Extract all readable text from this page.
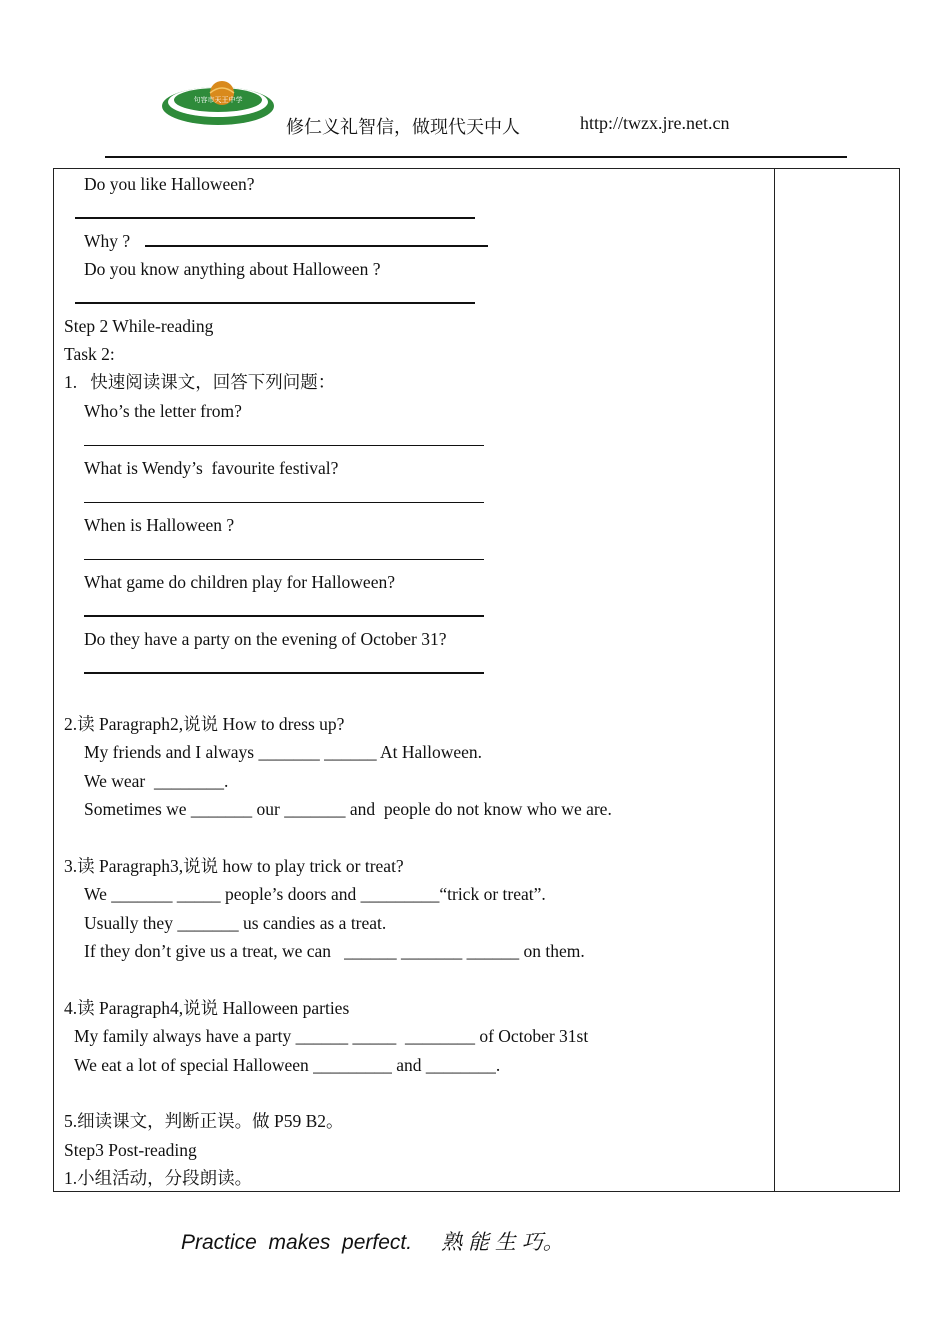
句容市天王中学
修仁义礼智信，做现代天中人	http://twzx.jre.net.cn
Do you like Halloween?
Why ?
Do you know anything about Halloween ?
Step 2 While-reading
Task 2:
1.   快速阅读课文，回答下列问题：
Who’s the letter from?
What is Wendy’s  favourite festival?
When is Halloween ?
What game do children play for Halloween?
Do they have a party on the evening of October 31?
2.读 Paragraph2,说说 How to dress up?
My friends and I always _______ ______ At Halloween.
We wear  ________.
Sometimes we _______ our _______ and  people do not know who we are.
3.读 Paragraph3,说说 how to play trick or treat?
We _______ _____ people’s doors and _________“trick or treat”.
Usually they _______ us candies as a treat.
If they don’t give us a treat, we can   ______ _______ ______ on them.
4.读 Paragraph4,说说 Halloween parties
My family always have a party ______ _____  ________ of October 31st
We eat a lot of special Halloween _________ and ________.
5.细读课文，判断正误。做 P59 B2。
Step3 Post-reading
1.小组活动，分段朗读。
Practice  makes  perfect.     熟 能 生 巧。
